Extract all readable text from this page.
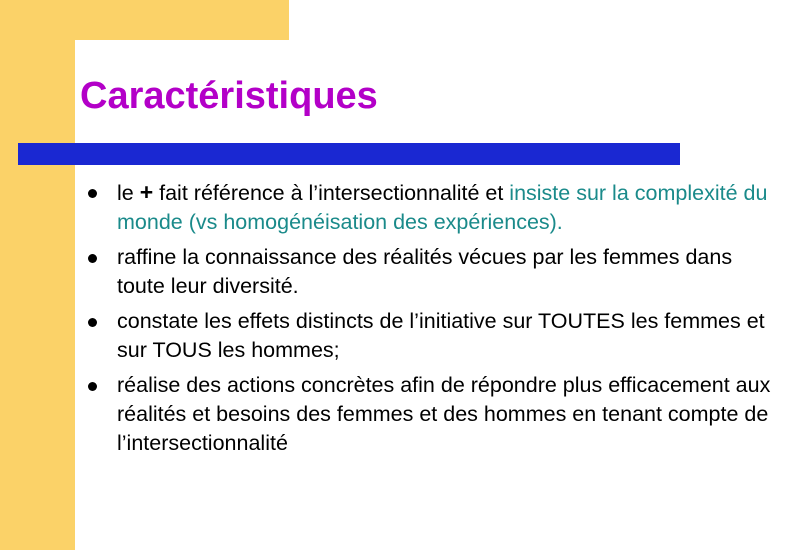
Caractéristiques
le + fait référence à l’intersectionnalité et insiste sur la complexité du monde (vs homogénéisation des expériences).
raffine la connaissance des réalités vécues par les femmes dans toute leur diversité.
constate les effets distincts de l’initiative sur TOUTES les femmes et sur TOUS les hommes;
réalise des actions concrètes afin de répondre plus efficacement aux réalités et besoins des femmes et des hommes en tenant compte de l’intersectionnalité
